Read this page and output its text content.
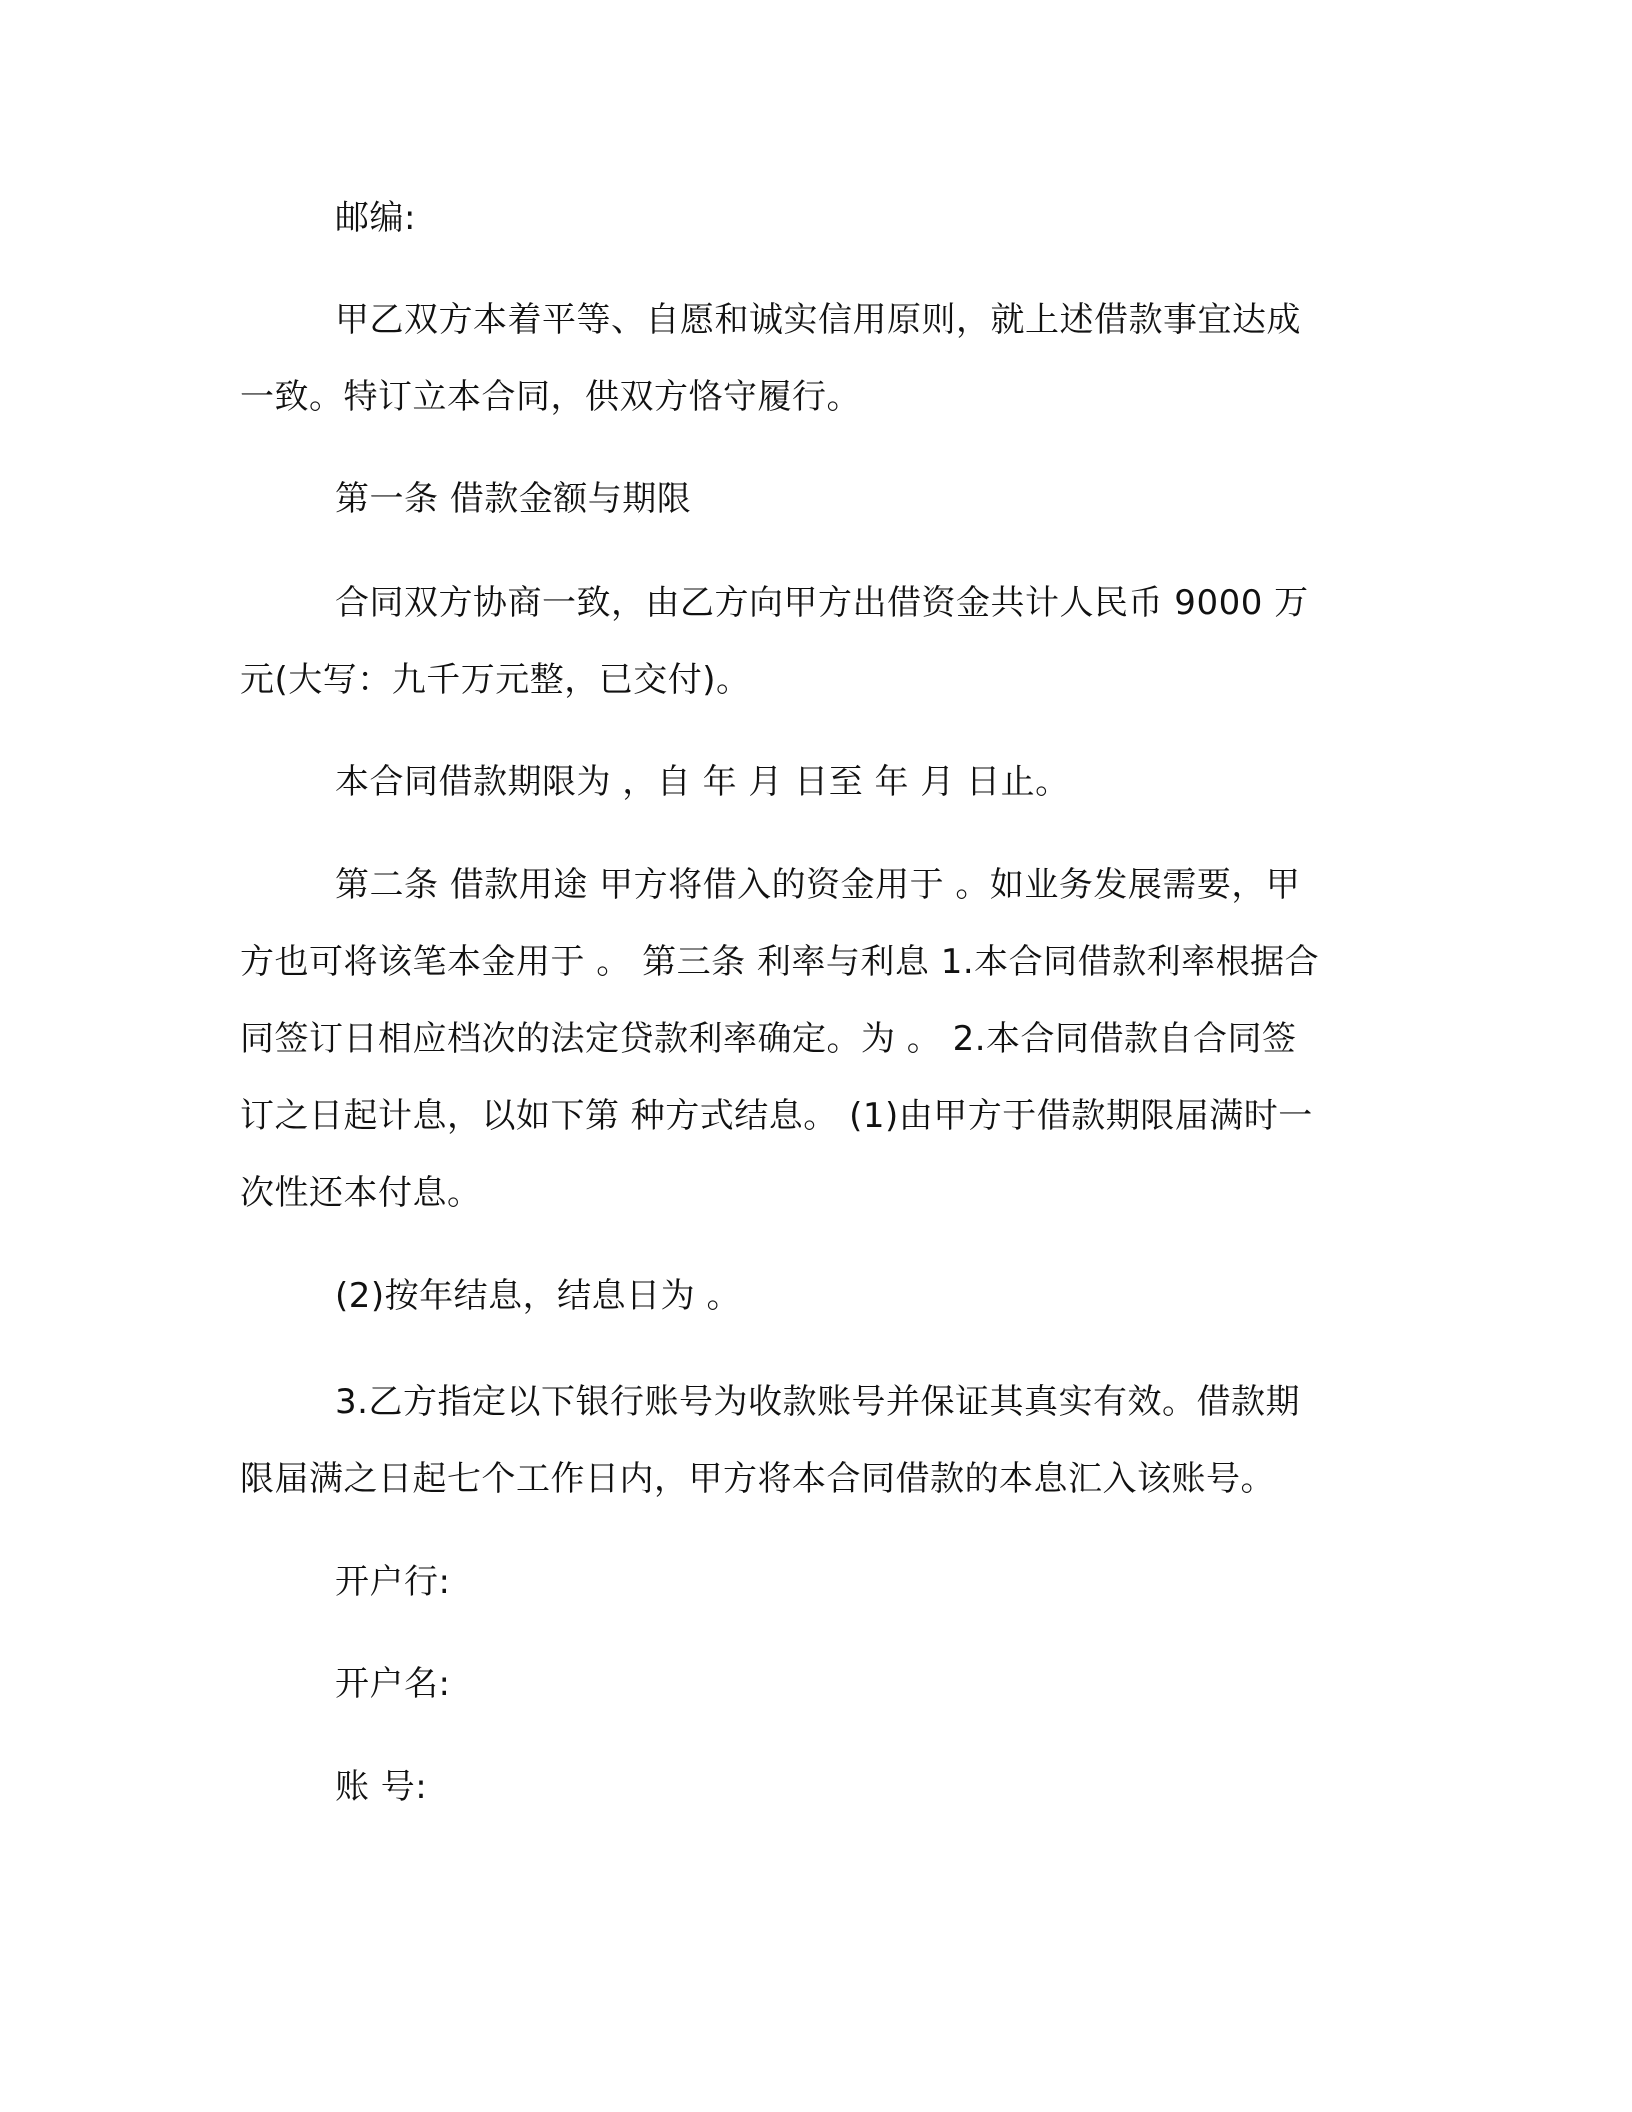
邮编:
甲乙双方本着平等、自愿和诚实信用原则，就上述借款事宜达成
一致。特订立本合同，供双方恪守履行。
第一条 借款金额与期限
合同双方协商一致，由乙方向甲方出借资金共计人民币 9000 万
元(大写：九千万元整，已交付)。
本合同借款期限为 ，自 年 月 日至 年 月 日止。
第二条 借款用途 甲方将借入的资金用于 。如业务发展需要，甲
方也可将该笔本金用于 。 第三条 利率与利息 1.本合同借款利率根据合
同签订日相应档次的法定贷款利率确定。为 。 2.本合同借款自合同签
订之日起计息，以如下第 种方式结息。 (1)由甲方于借款期限届满时一
次性还本付息。
(2)按年结息，结息日为 。
3.乙方指定以下银行账号为收款账号并保证其真实有效。借款期
限届满之日起七个工作日内，甲方将本合同借款的本息汇入该账号。
开户行:
开户名:
账 号:
